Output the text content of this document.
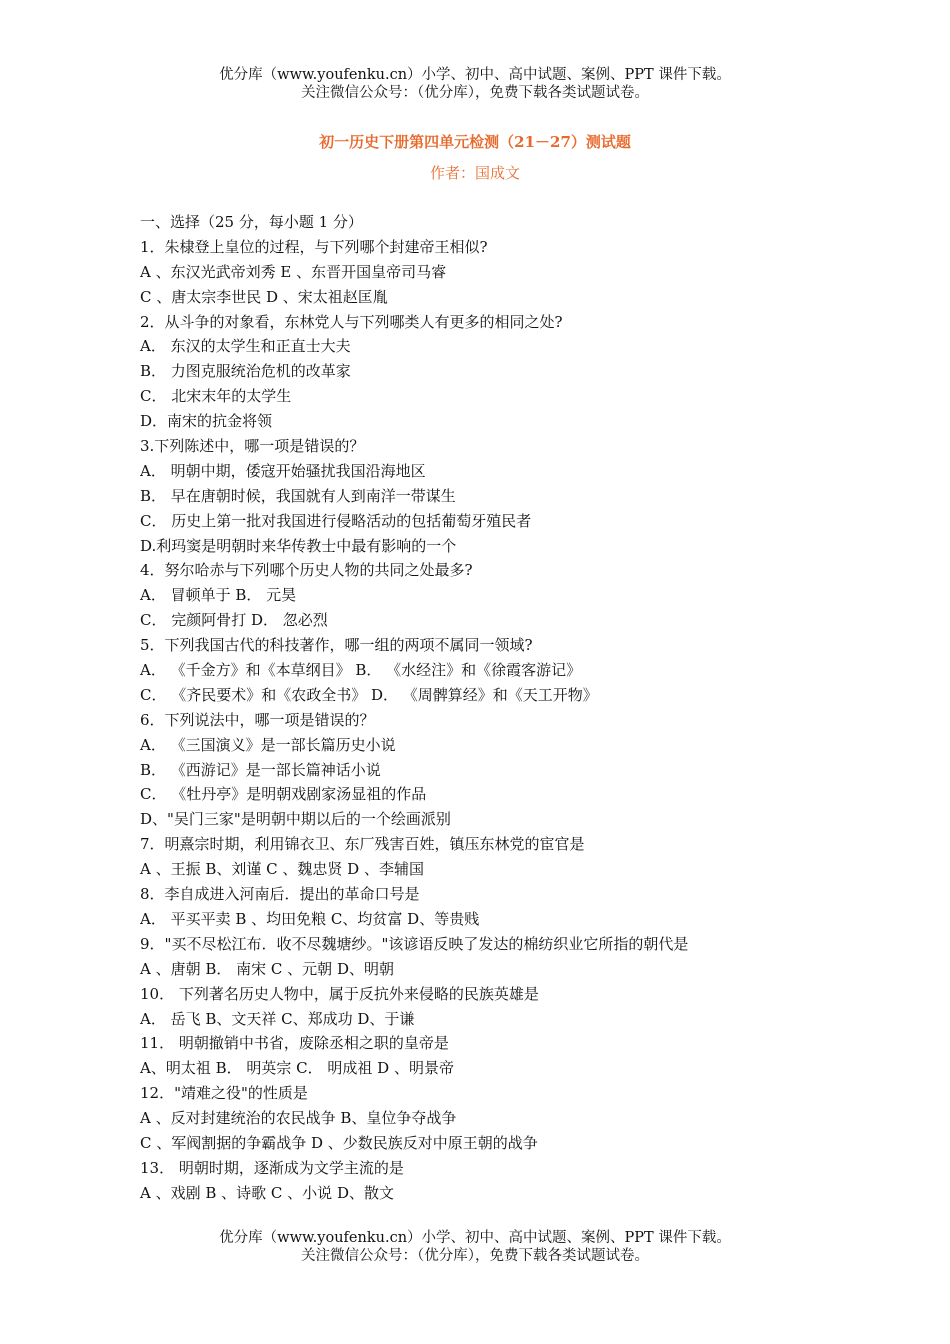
优分库（www.youfenku.cn）小学、初中、高中试题、案例、PPT 课件下载。
关注微信公众号：（优分库），免费下载各类试题试卷。
初一历史下册第四单元检测（21－27）测试题
作者：国成文
一、选择（25 分，每小题 1 分）
1．朱棣登上皇位的过程，与下列哪个封建帝王相似?
A 、东汉光武帝刘秀 E 、东晋开国皇帝司马睿
C 、唐太宗李世民 D 、宋太祖赵匡胤
2．从斗争的对象看，东林党人与下列哪类人有更多的相同之处?
A． 东汉的太学生和正直士大夫
B． 力图克服统治危机的改革家
C． 北宋末年的太学生
D．南宋的抗金将领
3.下列陈述中，哪一项是错误的？
A． 明朝中期，倭寇开始骚扰我国沿海地区
B． 早在唐朝时候，我国就有人到南洋一带谋生
C． 历史上第一批对我国进行侵略活动的包括葡萄牙殖民者
D.利玛窦是明朝时来华传教士中最有影响的一个
4．努尔哈赤与下列哪个历史人物的共同之处最多?
A． 冒顿单于 B． 元昊
C． 完颜阿骨打 D． 忽必烈
5．下列我国古代的科技著作，哪一组的两项不属同一领域?
A． 《千金方》和《本草纲目》 B． 《水经注》和《徐霞客游记》
C． 《齐民要术》和《农政全书》 D． 《周髀算经》和《天工开物》
6．下列说法中，哪一项是错误的？
A． 《三国演义》是一部长篇历史小说
B． 《西游记》是一部长篇神话小说
C． 《牡丹亭》是明朝戏剧家汤显祖的作品
D、"吴门三家"是明朝中期以后的一个绘画派别
7．明熹宗时期，利用锦衣卫、东厂残害百姓，镇压东林党的宦官是
A 、王振 B、刘谨 C 、魏忠贤 D 、李辅国
8．李自成进入河南后．提出的革命口号是
A． 平买平卖 B 、均田免粮 C、均贫富 D、等贵贱
9．"买不尽松江布．收不尽魏塘纱。"该谚语反映了发达的棉纺织业它所指的朝代是
A 、唐朝 B． 南宋 C 、元朝 D、明朝
10． 下列著名历史人物中，属于反抗外来侵略的民族英雄是
A． 岳飞 B、文天祥 C、郑成功 D、于谦
11． 明朝撤销中书省，废除丞相之职的皇帝是
A、明太祖 B． 明英宗 C． 明成祖 D 、明景帝
12．"靖难之役"的性质是
A 、反对封建统治的农民战争 B、皇位争夺战争
C 、军阀割据的争霸战争 D 、少数民族反对中原王朝的战争
13． 明朝时期，逐渐成为文学主流的是
A 、戏剧 B 、诗歌 C 、小说 D、散文
优分库（www.youfenku.cn）小学、初中、高中试题、案例、PPT 课件下载。
关注微信公众号：（优分库），免费下载各类试题试卷。
